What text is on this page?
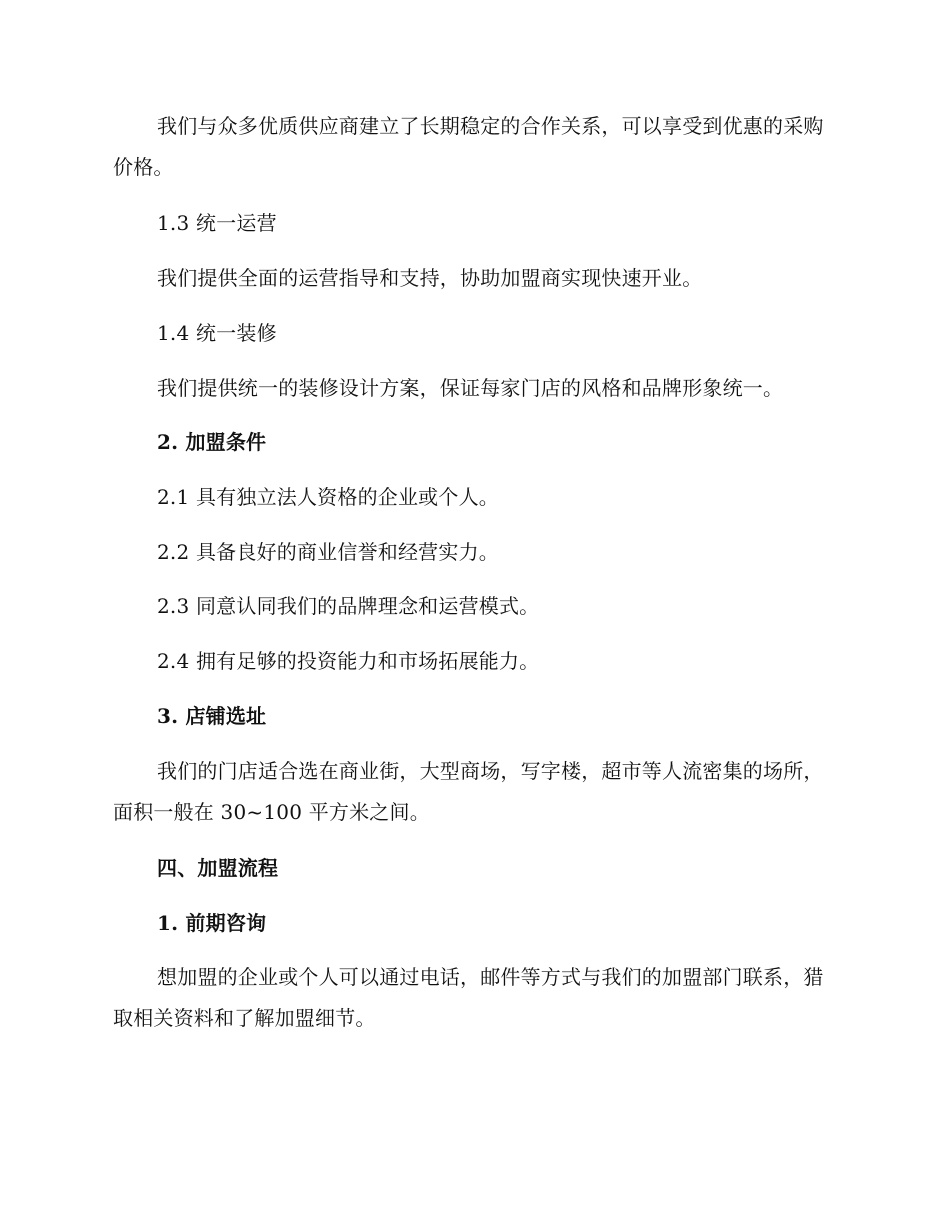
我们与众多优质供应商建立了长期稳定的合作关系，可以享受到优惠的采购价格。

1.3 统一运营

我们提供全面的运营指导和支持，协助加盟商实现快速开业。

1.4 统一装修

我们提供统一的装修设计方案，保证每家门店的风格和品牌形象统一。

2. 加盟条件

2.1 具有独立法人资格的企业或个人。

2.2 具备良好的商业信誉和经营实力。

2.3 同意认同我们的品牌理念和运营模式。

2.4 拥有足够的投资能力和市场拓展能力。

3. 店铺选址

我们的门店适合选在商业街，大型商场，写字楼，超市等人流密集的场所，面积一般在 30~100 平方米之间。

四、加盟流程

1. 前期咨询

想加盟的企业或个人可以通过电话，邮件等方式与我们的加盟部门联系，猎取相关资料和了解加盟细节。
